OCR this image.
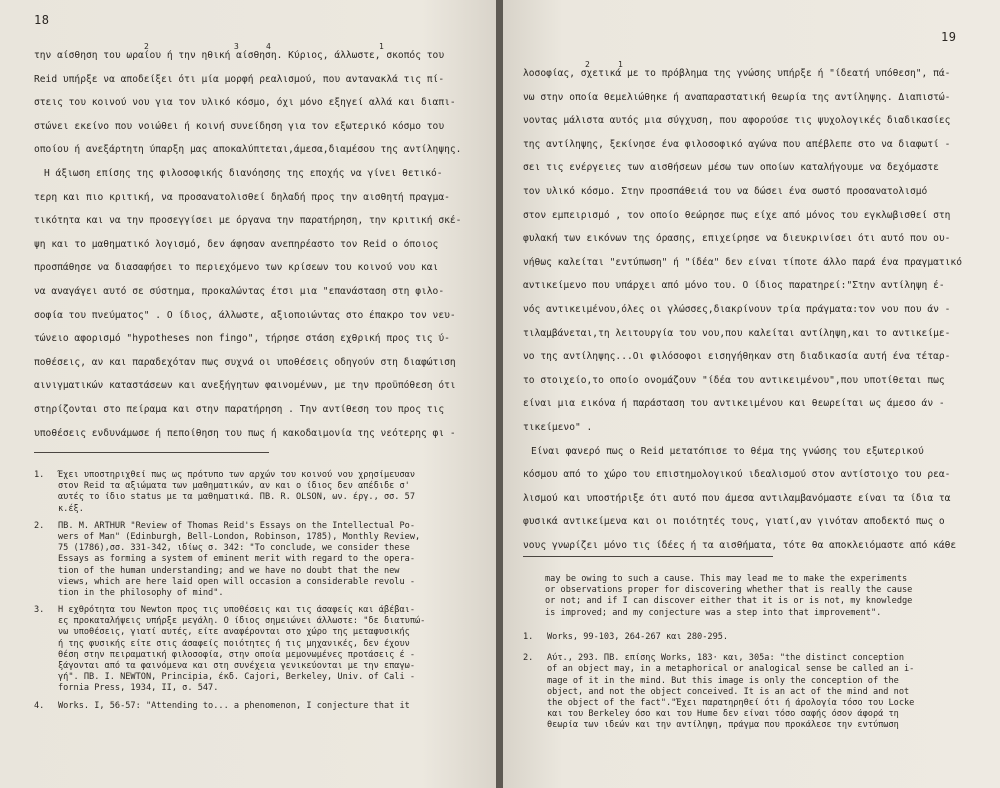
18
την αίσθηση του ωραίου ή την ηθική αίσθηση. Κύριος, άλλωστε, σκοπός του
Reid υπήρξε να αποδείξει ότι μία μορφή ρεαλισμού, που αντανακλά τις πί-
στεις του κοινού νου για τον υλικό κόσμο, όχι μόνο εξηγεί αλλά και διαπι-
στώνει εκείνο που νοιώθει ή κοινή συνείδηση για τον εξωτερικό κόσμο του
οποίου ή ανεξάρτητη ύπαρξη μας αποκαλύπτεται,άμεσα,διαμέσου της αντίληψης.
Η άξιωση επίσης της φιλοσοφικής διανόησης της εποχής να γίνει θετικό-
τερη και πιο κριτική, να προσανατολισθεί δηλαδή προς την αισθητή πραγμα-
τικότητα και να την προσεγγίσει με όργανα την παρατήρηση, την κριτική σκέ-
ψη και το μαθηματικό λογισμό, δεν άφησαν ανεπηρέαστο τον Reid ο όποιος
προσπάθησε να διασαφήσει το περιεχόμενο των κρίσεων του κοινού νου και
1
να αναγάγει αυτό σε σύστημα, προκαλώντας έτσι μια "επανάσταση στη φιλο-
σοφία του πνεύματος" . Ο ίδιος, άλλωστε, αξιοποιώντας στο έπακρο τον νευ-
2
τώνειο αφορισμό "hypotheses non fingo", τήρησε στάση εχθρική προς τις ύ-
3
ποθέσεις, αν και παραδεχόταν πως συχνά οι υποθέσεις οδηγούν στη διαφώτιση
αινιγματικών καταστάσεων και ανεξήγητων φαινομένων, με την προϋπόθεση ότι
στηρίζονται στο πείραμα και στην παρατήρηση . Την αντίθεση του προς τις
4
υποθέσεις ενδυνάμωσε ή πεποίθηση του πως ή κακοδαιμονία της νεότερης φι -
1. Έχει υποστηριχθεί πως ως πρότυπο των αρχών του κοινού νου χρησίμευσαν
στον Reid τα αξιώματα των μαθηματικών, αν και ο ίδιος δεν απέδιδε σ'
αυτές το ίδιο status με τα μαθηματικά. ΠΒ. R. OLSON, ων. έργ., σσ. 57
κ.έξ.
2. ΠΒ. M. ARTHUR "Review of Thomas Reid's Essays on the Intellectual Po-
wers of Man" (Edinburgh, Bell-London, Robinson, 1785), Monthly Review,
75 (1786),σσ. 331-342, ιδίως σ. 342: "To conclude, we consider these
Essays as forming a system of eminent merit with regard to the opera-
tion of the human understanding; and we have no doubt that the new
views, which are here laid open will occasion a considerable revolu -
tion in the philosophy of mind".
3. Η εχθρότητα του Newton προς τις υποθέσεις και τις άσαφείς και άβέβαι-
ες προκαταλήψεις υπήρξε μεγάλη. Ο ίδιος σημειώνει άλλωστε: "δε διατυπώ-
νω υποθέσεις, γιατί αυτές, είτε αναφέρονται στο χώρο της μεταφυσικής
ή της φυσικής είτε στις άσαφείς ποιότητες ή τις μηχανικές, δεν έχουν
θέση στην πειραματική φιλοσοφία, στην οποία μεμονωμένες προτάσεις έ -
ξάγονται από τα φαινόμενα και στη συνέχεια γενικεύονται με την επαγω-
γή". ΠΒ. I. NEWTON, Principia, έκδ. Cajori, Berkeley, Univ. of Cali -
fornia Press, 1934, II, σ. 547.
4. Works. I, 56-57: "Attending to... a phenomenon, I conjecture that it
19
λοσοφίας, σχετικά με το πρόβλημα της γνώσης υπήρξε ή "ίδεατή υπόθεση", πά-
νω στην οποία θεμελιώθηκε ή αναπαραστατική θεωρία της αντίληψης. Διαπιστώ-
νοντας μάλιστα αυτός μια σύγχυση, που αφορούσε τις ψυχολογικές διαδικασίες
της αντίληψης, ξεκίνησε ένα φιλοσοφικό αγώνα που απέβλεπε στο να διαφωτί -
σει τις ενέργειες των αισθήσεων μέσω των οποίων καταλήγουμε να δεχόμαστε
τον υλικό κόσμο. Στην προσπάθειά του να δώσει ένα σωστό προσανατολισμό
στον εμπειρισμό , τον οποίο θεώρησε πως είχε από μόνος του εγκλωβισθεί στη
1
φυλακή των εικόνων της όρασης, επιχείρησε να διευκρινίσει ότι αυτό που ου-
νήθως καλείται "εντύπωση" ή "ίδέα" δεν είναι τίποτε άλλο παρά ένα πραγματικό
αντικείμενο που υπάρχει από μόνο του. Ο ίδιος παρατηρεί:"Στην αντίληψη έ-
νός αντικειμένου,όλες οι γλώσσες,διακρίνουν τρία πράγματα:τον νου που άν -
τιλαμβάνεται,τη λειτουργία του νου,που καλείται αντίληψη,και το αντικείμε-
νο της αντίληψης...Οι φιλόσοφοι εισηγήθηκαν στη διαδικασία αυτή ένα τέταρ-
το στοιχείο,το οποίο ονομάζουν "ίδέα του αντικειμένου",που υποτίθεται πως
είναι μια εικόνα ή παράσταση του αντικειμένου και θεωρείται ως άμεσο άν -
τικείμενο" .
2
Είναι φανερό πως ο Reid μετατόπισε το θέμα της γνώσης του εξωτερικού
κόσμου από το χώρο του επιστημολογικού ιδεαλισμού στον αντίστοιχο του ρεα-
λισμού και υποστήριξε ότι αυτό που άμεσα αντιλαμβανόμαστε είναι τα ίδια τα
φυσικά αντικείμενα και οι ποιότητές τους, γιατί,αν γινόταν αποδεκτό πως ο
νους γνωρίζει μόνο τις ίδέες ή τα αισθήματα, τότε θα αποκλειόμαστε από κάθε
may be owing to such a cause. This may lead me to make the experiments
or observations proper for discovering whether that is really the cause
or not; and if I can discover either that it is or is not, my knowledge
is improved; and my conjecture was a step into that improvement".
1. Works, 99-103, 264-267 και 280-295.
2. Αύτ., 293. ΠΒ. επίσης Works, 183· και, 305a: "the distinct conception
of an object may, in a metaphorical or analogical sense be called an i-
mage of it in the mind. But this image is only the conception of the
object, and not the object conceived. It is an act of the mind and not
the object of the fact"."Έχει παρατηρηθεί ότι ή άρολογία τόσο του Locke
και του Berkeley όσο και του Hume δεν είναι τόσο σαφής όσον άφορά τη
θεωρία των ιδεών και την αντίληψη, πράγμα που προκάλεσε την εντύπωση
